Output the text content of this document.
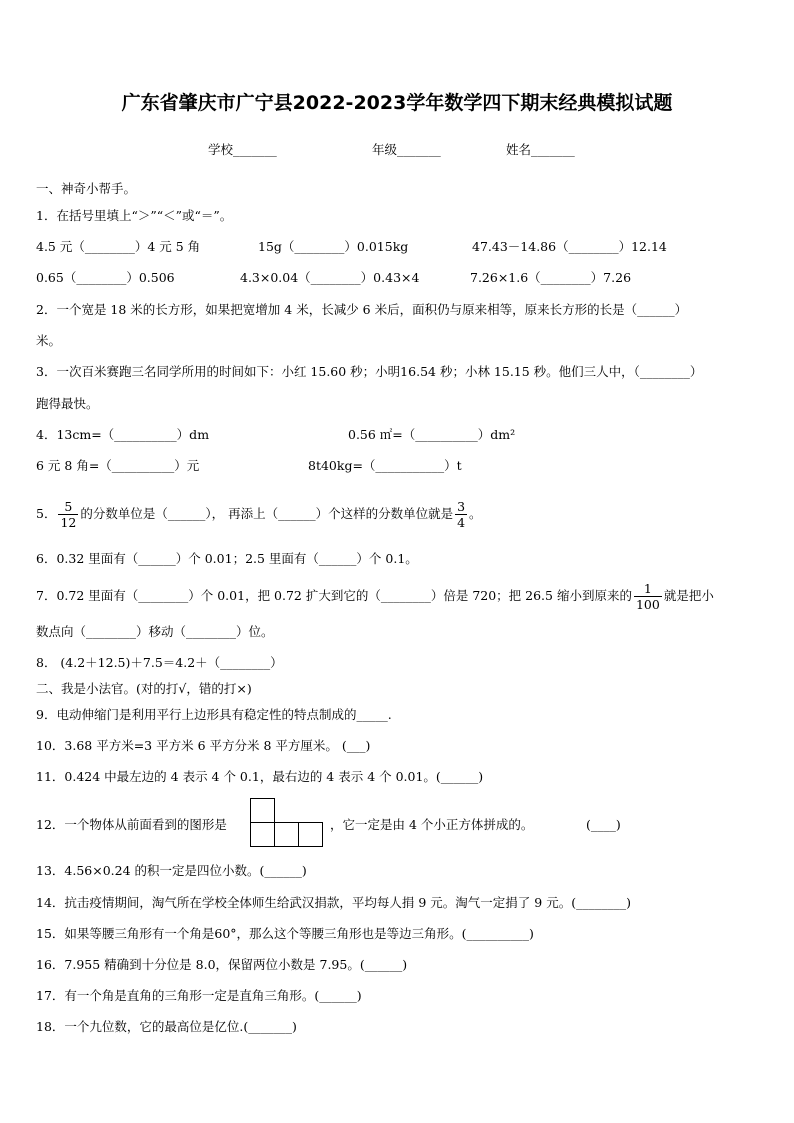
广东省肇庆市广宁县2022-2023学年数学四下期末经典模拟试题
学校_______	年级_______	姓名_______
一、神奇小帮手。
1．在括号里填上“＞”“＜”或“＝”。
4.5 元（________）4 元 5 角	15g（________）0.015kg	47.43－14.86（________）12.14
0.65（________）0.506	4.3×0.04（________）0.43×4	7.26×1.6（________）7.26
2．一个宽是 18 米的长方形，如果把宽增加 4 米，长减少 6 米后，面积仍与原来相等，原来长方形的长是（______）
米。
3．一次百米赛跑三名同学所用的时间如下：小红 15.60 秒；小明16.54 秒；小林 15.15 秒。他们三人中，（________）
跑得最快。
4．13cm=（__________）dm	0.56 ㎡=（__________）dm²
6 元 8 角=（__________）元	8t40kg=（___________）t
5． $\frac{5}{12}$ 的分数单位是（______）， 再添上（______）个这样的分数单位就是 $\frac{3}{4}$ 。
6．0.32 里面有（______）个 0.01；2.5 里面有（______）个 0.1。
7．0.72 里面有（________）个 0.01，把 0.72 扩大到它的（________）倍是 720；把 26.5 缩小到原来的 $\frac{1}{100}$ 就是把小
数点向（________）移动（________）位。
8． (4.2＋12.5)＋7.5＝4.2＋（________）
二、我是小法官。(对的打√，错的打×)
9．电动伸缩门是利用平行上边形具有稳定性的特点制成的_____.
10．3.68 平方米=3 平方米 6 平方分米 8 平方厘米。 (___)
11．0.424 中最左边的 4 表示 4 个 0.1，最右边的 4 表示 4 个 0.01。(______)
12．一个物体从前面看到的图形是	，它一定是由 4 个小正方体拼成的。	(____)
13．4.56×0.24 的积一定是四位小数。(______)
14．抗击疫情期间，淘气所在学校全体师生给武汉捐款，平均每人捐 9 元。淘气一定捐了 9 元。(________)
15．如果等腰三角形有一个角是60°，那么这个等腰三角形也是等边三角形。(__________)
16．7.955 精确到十分位是 8.0，保留两位小数是 7.95。(______)
17．有一个角是直角的三角形一定是直角三角形。(______)
18．一个九位数，它的最高位是亿位.(_______)
